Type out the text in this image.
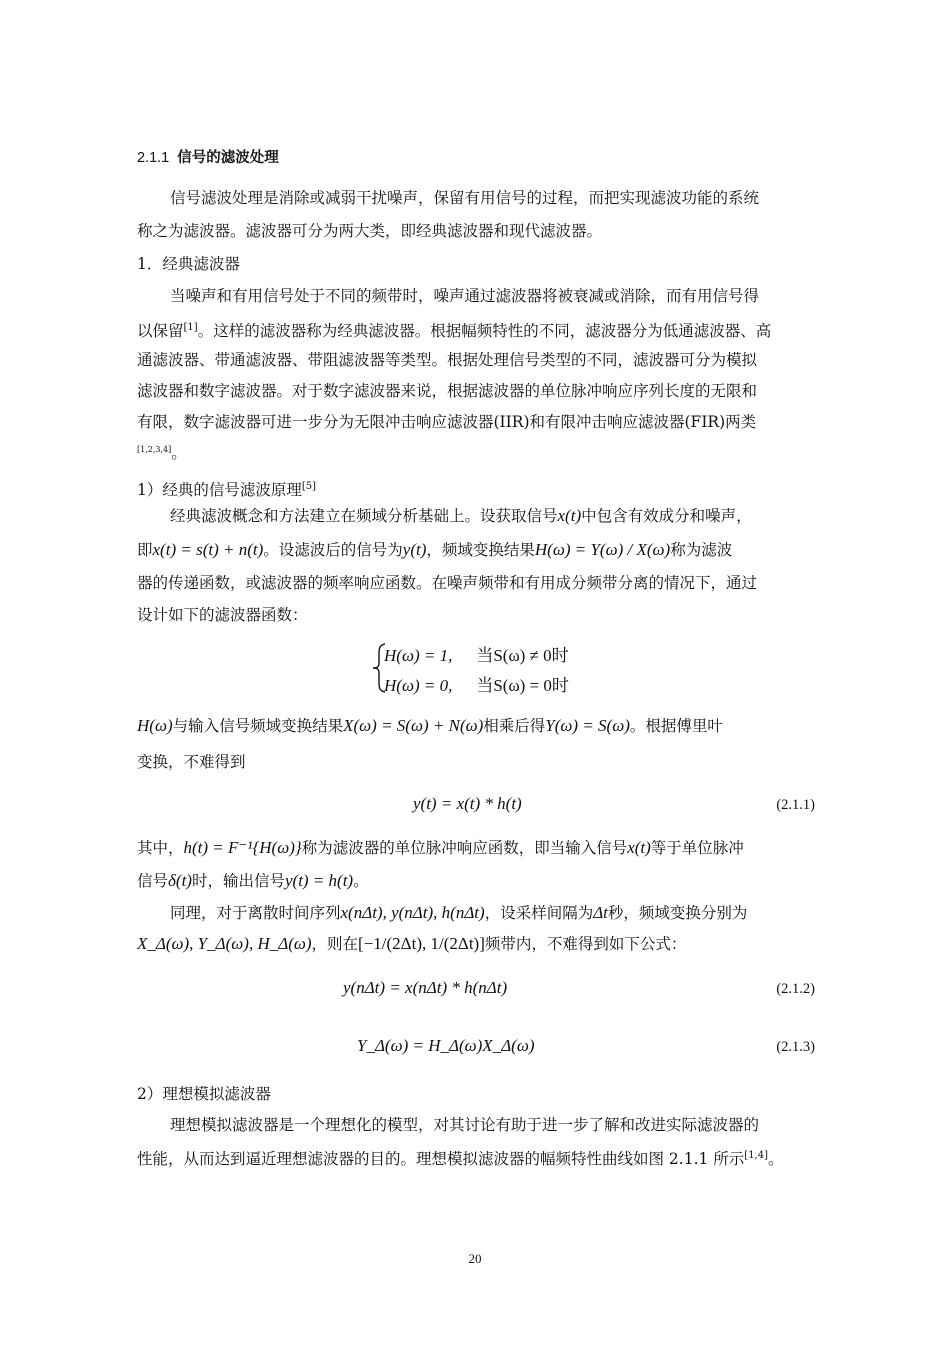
2.1.1 信号的滤波处理
信号滤波处理是消除或减弱干扰噪声，保留有用信号的过程，而把实现滤波功能的系统
称之为滤波器。滤波器可分为两大类，即经典滤波器和现代滤波器。
1．经典滤波器
当噪声和有用信号处于不同的频带时，噪声通过滤波器将被衰减或消除，而有用信号得
以保留[1]。这样的滤波器称为经典滤波器。根据幅频特性的不同，滤波器分为低通滤波器、高
通滤波器、带通滤波器、带阻滤波器等类型。根据处理信号类型的不同，滤波器可分为模拟
滤波器和数字滤波器。对于数字滤波器来说，根据滤波器的单位脉冲响应序列长度的无限和
有限，数字滤波器可进一步分为无限冲击响应滤波器(IIR)和有限冲击响应滤波器(FIR)两类
[1,2,3,4]。
1）经典的信号滤波原理[5]
经典滤波概念和方法建立在频域分析基础上。设获取信号x(t)中包含有效成分和噪声，
即x(t) = s(t) + n(t)。设滤波后的信号为y(t)，频域变换结果H(ω) = Y(ω) / X(ω)称为滤波
器的传递函数，或滤波器的频率响应函数。在噪声频带和有用成分频带分离的情况下，通过
设计如下的滤波器函数：
H(ω) = 1, 当S(ω) ≠ 0时
H(ω) = 0, 当S(ω) = 0时
H(ω)与输入信号频域变换结果X(ω) = S(ω) + N(ω)相乘后得Y(ω) = S(ω)。根据傅里叶
变换，不难得到
y(t) = x(t) * h(t)	(2.1.1)
其中，h(t) = F⁻¹{H(ω)}称为滤波器的单位脉冲响应函数，即当输入信号x(t)等于单位脉冲
信号δ(t)时，输出信号y(t) = h(t)。
同理，对于离散时间序列x(nΔt), y(nΔt), h(nΔt)，设采样间隔为Δt秒，频域变换分别为
X_Δ(ω), Y_Δ(ω), H_Δ(ω)，则在[−1/(2Δt), 1/(2Δt)]频带内，不难得到如下公式：
y(nΔt) = x(nΔt) * h(nΔt)	(2.1.2)
Y_Δ(ω) = H_Δ(ω)X_Δ(ω)	(2.1.3)
2）理想模拟滤波器
理想模拟滤波器是一个理想化的模型，对其讨论有助于进一步了解和改进实际滤波器的
性能，从而达到逼近理想滤波器的目的。理想模拟滤波器的幅频特性曲线如图 2.1.1 所示[1,4]。
20
